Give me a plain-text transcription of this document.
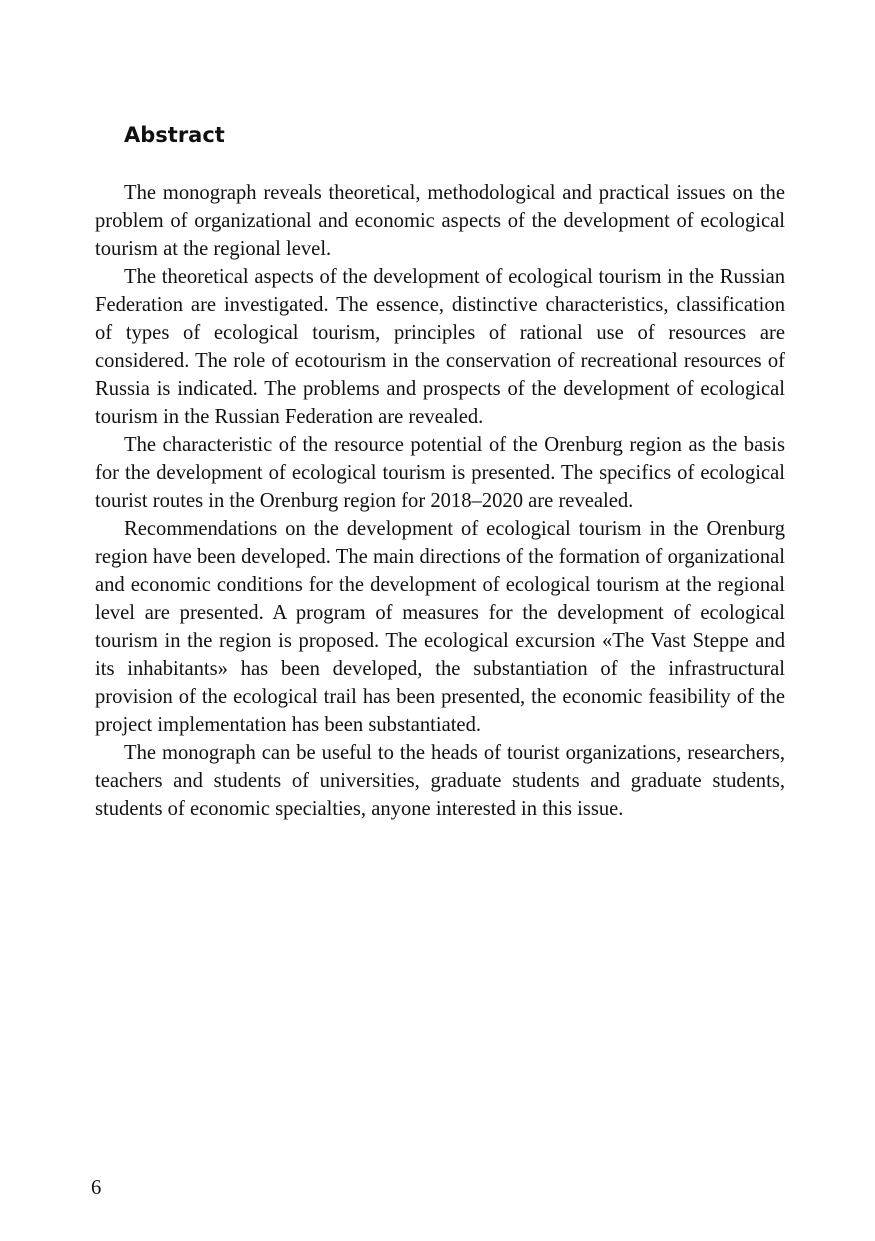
Abstract

The monograph reveals theoretical, methodological and practical issues on the problem of organizational and economic aspects of the development of ecological tourism at the regional level.

The theoretical aspects of the development of ecological tourism in the Russian Federation are investigated. The essence, distinctive characteristics, classification of types of ecological tourism, principles of rational use of resources are considered. The role of ecotourism in the conservation of recreational resources of Russia is indicated. The problems and prospects of the development of ecological tourism in the Russian Federation are revealed.

The characteristic of the resource potential of the Orenburg region as the basis for the development of ecological tourism is presented. The specifics of ecological tourist routes in the Orenburg region for 2018–2020 are revealed.

Recommendations on the development of ecological tourism in the Orenburg region have been developed. The main directions of the formation of organizational and economic conditions for the development of ecological tourism at the regional level are presented. A program of measures for the development of ecological tourism in the region is proposed. The ecological excursion «The Vast Steppe and its inhabitants» has been developed, the substantiation of the infrastructural provision of the ecological trail has been presented, the economic feasibility of the project implementation has been substantiated.

The monograph can be useful to the heads of tourist organizations, researchers, teachers and students of universities, graduate students and graduate students, students of economic specialties, anyone interested in this issue.

6
